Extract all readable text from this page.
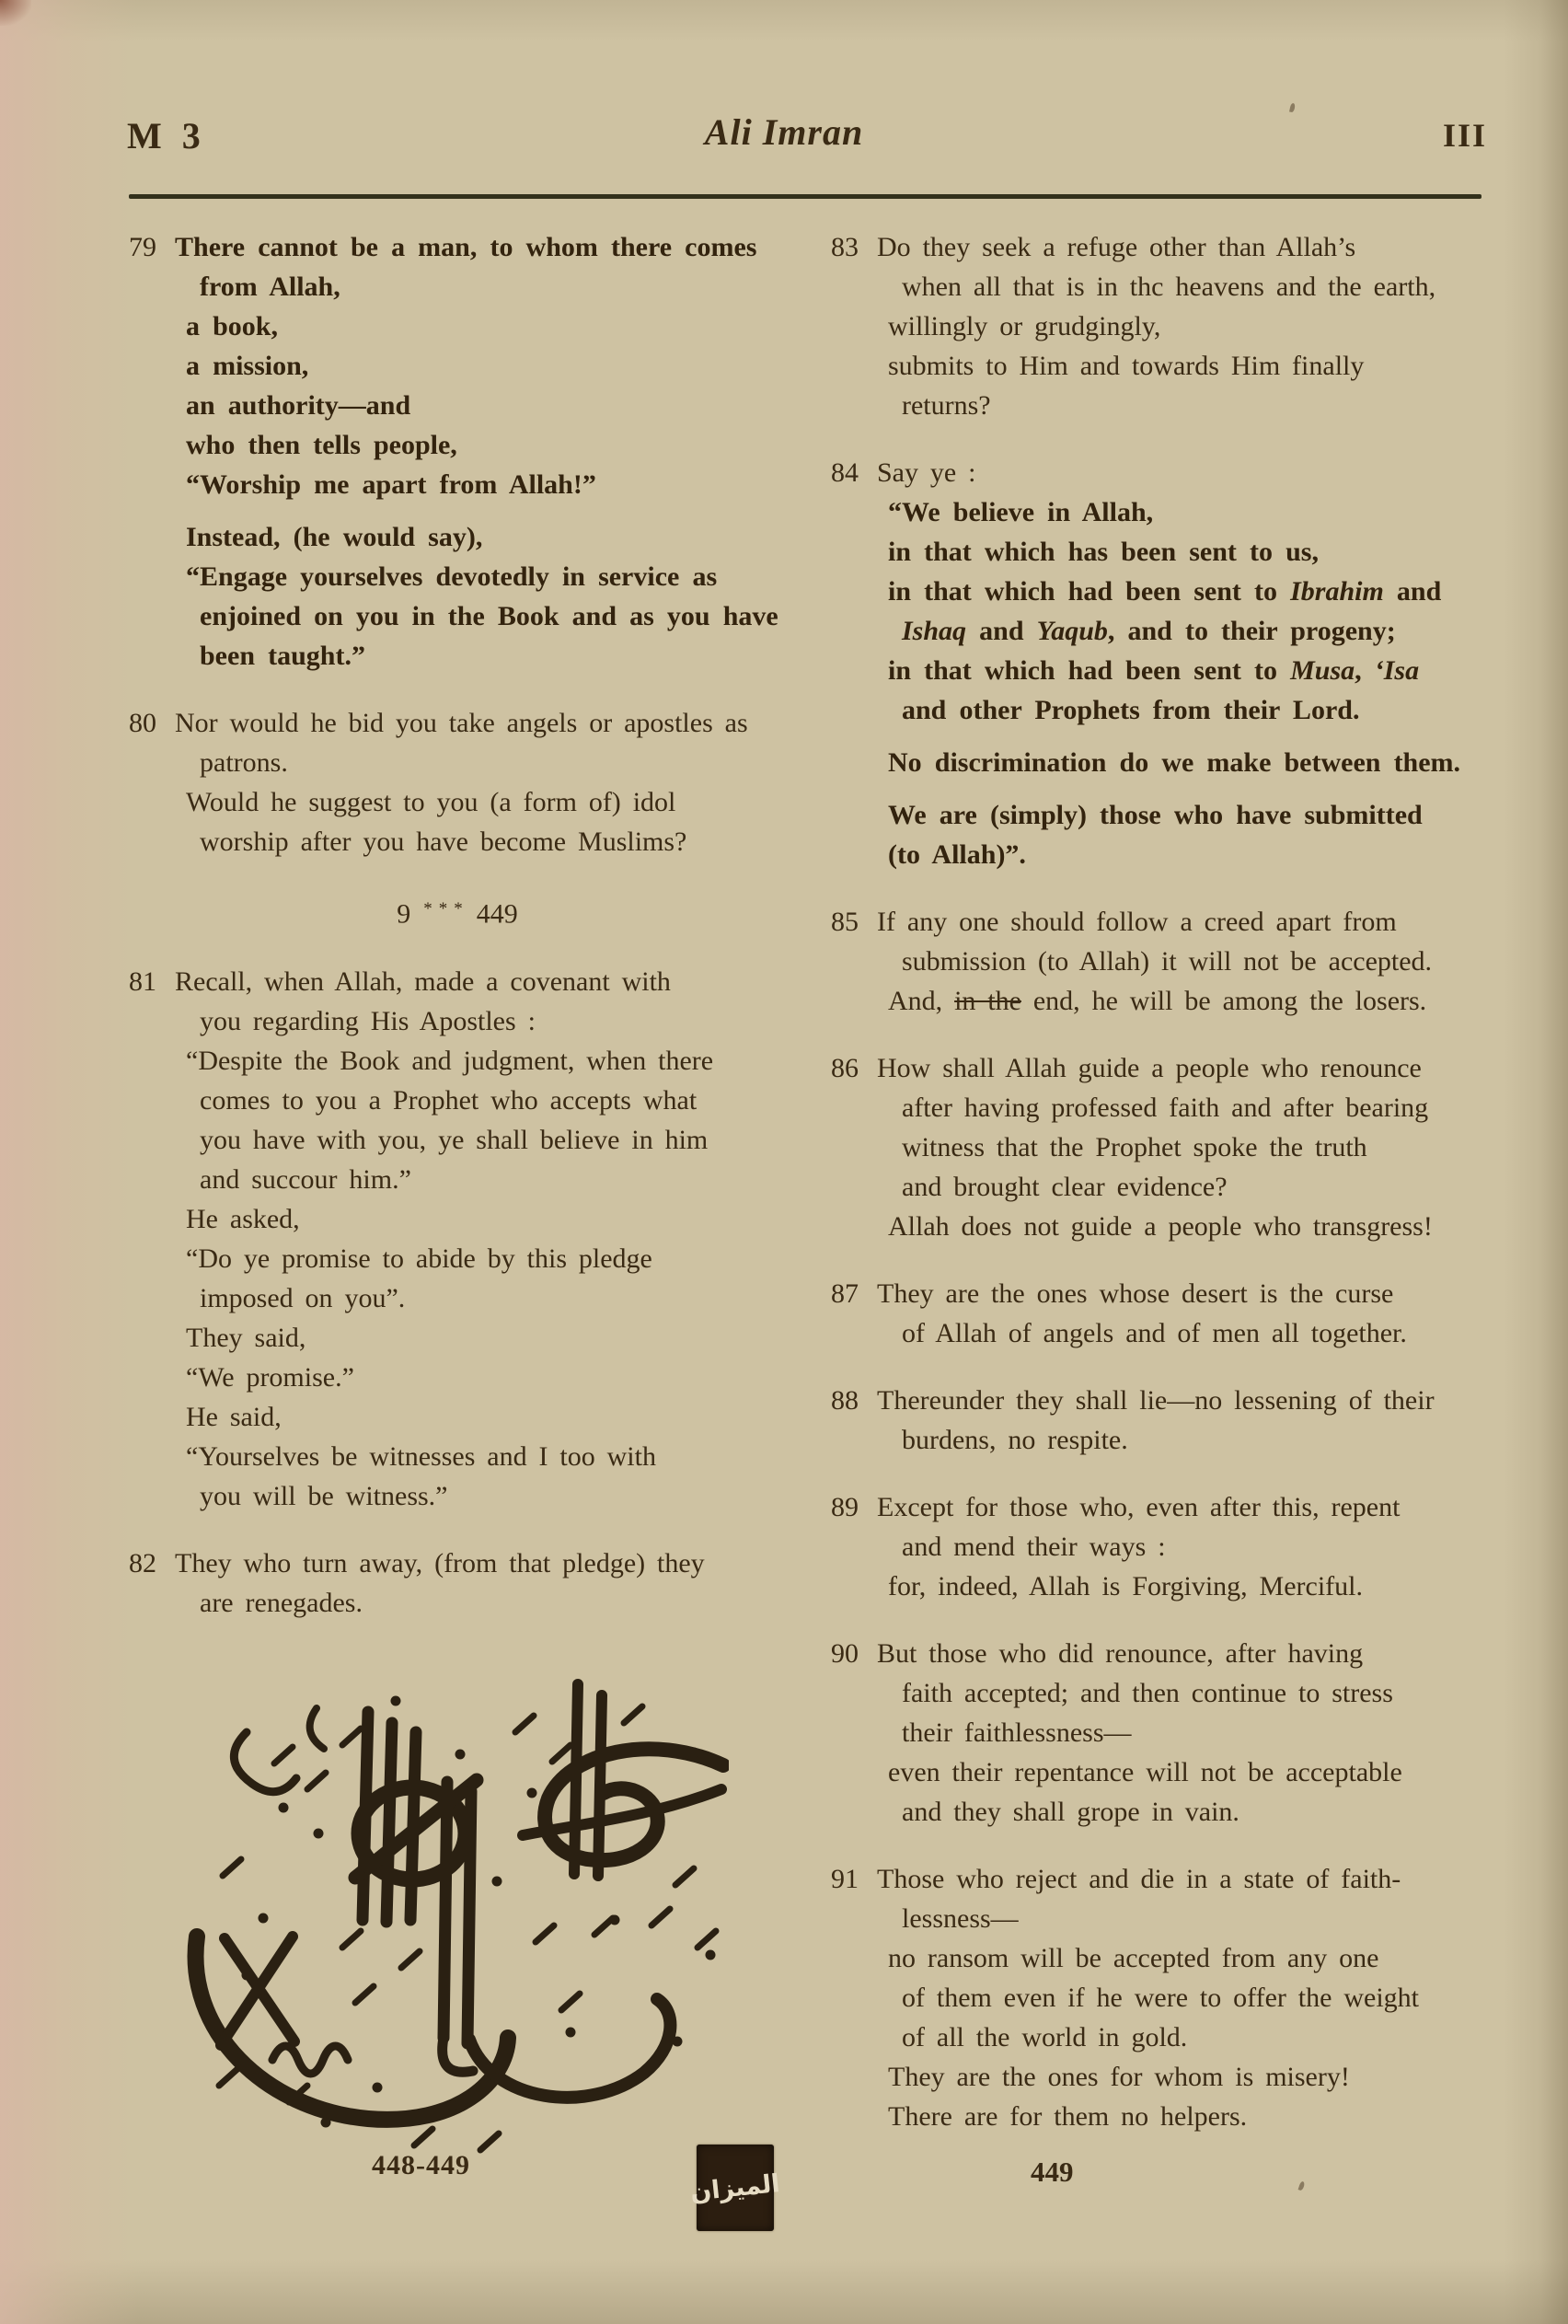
M 3	Ali Imran	III
79 There cannot be a man, to whom there comes
from Allah,
a book,
a mission,
an authority—and
who then tells people,
“Worship me apart from Allah!”
Instead, (he would say),
“Engage yourselves devotedly in service as
enjoined on you in the Book and as you have
been taught.”
80 Nor would he bid you take angels or apostles as
patrons.
Would he suggest to you (a form of) idol
worship after you have become Muslims?
9 *** 449
81 Recall, when Allah, made a covenant with
you regarding His Apostles :
“Despite the Book and judgment, when there
comes to you a Prophet who accepts what
you have with you, ye shall believe in him
and succour him.”
He asked,
“Do ye promise to abide by this pledge
imposed on you”.
They said,
“We promise.”
He said,
“Yourselves be witnesses and I too with
you will be witness.”
82 They who turn away, (from that pledge) they
are renegades.
83 Do they seek a refuge other than Allah’s
when all that is in thc heavens and the earth,
willingly or grudgingly,
submits to Him and towards Him finally
returns?
84 Say ye :
“We believe in Allah,
in that which has been sent to us,
in that which had been sent to Ibrahim and
Ishaq and Yaqub, and to their progeny;
in that which had been sent to Musa, ‘Isa
and other Prophets from their Lord.
No discrimination do we make between them.
We are (simply) those who have submitted
(to Allah)”.
85 If any one should follow a creed apart from
submission (to Allah) it will not be accepted.
And, in the end, he will be among the losers.
86 How shall Allah guide a people who renounce
after having professed faith and after bearing
witness that the Prophet spoke the truth
and brought clear evidence?
Allah does not guide a people who transgress!
87 They are the ones whose desert is the curse
of Allah of angels and of men all together.
88 Thereunder they shall lie—no lessening of their
burdens, no respite.
89 Except for those who, even after this, repent
and mend their ways :
for, indeed, Allah is Forgiving, Merciful.
90 But those who did renounce, after having
faith accepted; and then continue to stress
their faithlessness—
even their repentance will not be acceptable
and they shall grope in vain.
91 Those who reject and die in a state of faith-
lessness—
no ransom will be accepted from any one
of them even if he were to offer the weight
of all the world in gold.
They are the ones for whom is misery!
There are for them no helpers.
448-449
الميزان	449
